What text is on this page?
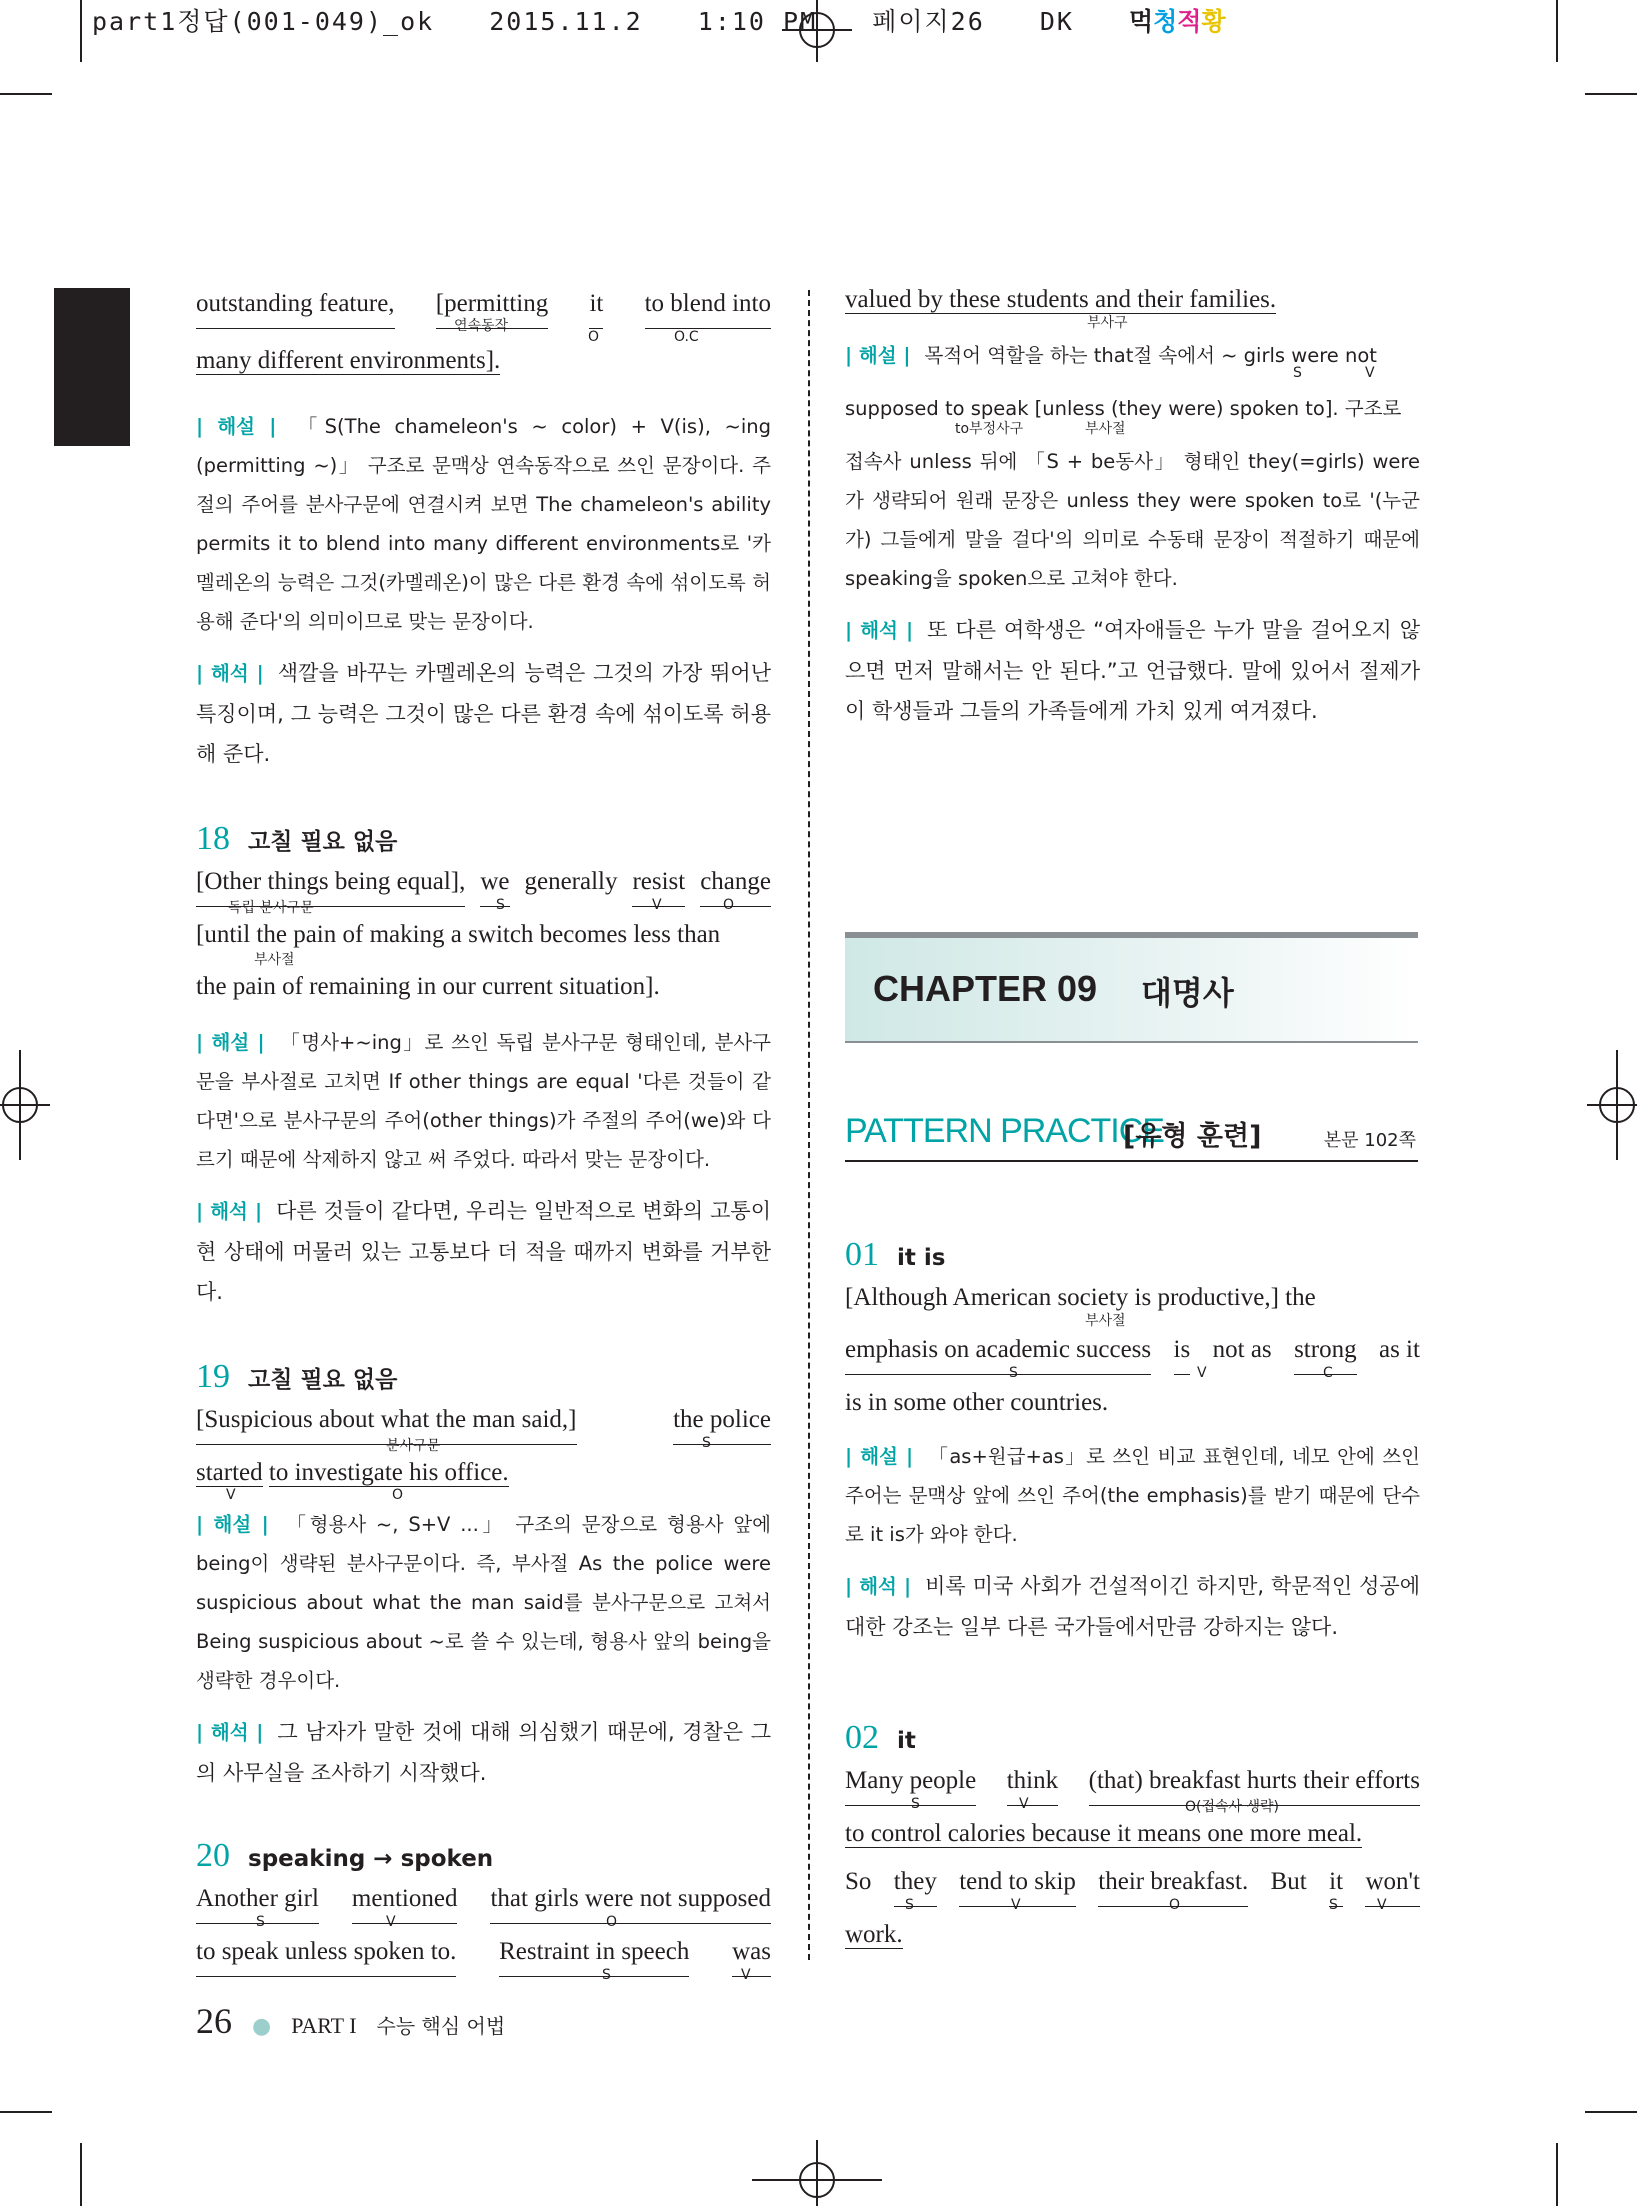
part1정답(001-049)_ok 2015.11.2 1:10 PM 페이지26 DK 먹청적황
outstanding feature, [permitting it to blend into
연속동작
O	O.C
many different environments].

| 해설 | 「S(The chameleon's ~ color) + V(is), ~ing (permitting ~)」 구조로 문맥상 연속동작으로 쓰인 문장이다. 주절의 주어를 분사구문에 연결시켜 보면 The chameleon's ability permits it to blend into many different environments로 '카멜레온의 능력은 그것(카멜레온)이 많은 다른 환경 속에 섞이도록 허용해 준다'의 의미이므로 맞는 문장이다.

| 해석 | 색깔을 바꾸는 카멜레온의 능력은 그것의 가장 뛰어난 특징이며, 그 능력은 그것이 많은 다른 환경 속에 섞이도록 허용해 준다.

18 고칠 필요 없음
[Other things being equal], we generally resist change
독립 분사구문	S	V	O
[until the pain of making a switch becomes less than
부사절
the pain of remaining in our current situation].

| 해설 | 「명사+~ing」로 쓰인 독립 분사구문 형태인데, 분사구문을 부사절로 고치면 If other things are equal '다른 것들이 같다면'으로 분사구문의 주어(other things)가 주절의 주어(we)와 다르기 때문에 삭제하지 않고 써 주었다. 따라서 맞는 문장이다.

| 해석 | 다른 것들이 같다면, 우리는 일반적으로 변화의 고통이 현 상태에 머물러 있는 고통보다 더 적을 때까지 변화를 거부한다.

19 고칠 필요 없음
[Suspicious about what the man said,]	the police
분사구문	S
started to investigate his office.
V	O

| 해설 | 「형용사 ~, S+V ...」 구조의 문장으로 형용사 앞에 being이 생략된 분사구문이다. 즉, 부사절 As the police were suspicious about what the man said를 분사구문으로 고쳐서 Being suspicious about ~로 쓸 수 있는데, 형용사 앞의 being을 생략한 경우이다.

| 해석 | 그 남자가 말한 것에 대해 의심했기 때문에, 경찰은 그의 사무실을 조사하기 시작했다.

20 speaking → spoken
Another girl mentioned that girls were not supposed
S	V	O
to speak unless spoken to. Restraint in speech was
S	V
valued by these students and their families.
부사구

| 해설 | 목적어 역할을 하는 that절 속에서 ~ girls were not

S	V

supposed to speak [unless (they were) spoken to]. 구조로

to부정사구	부사절

접속사 unless 뒤에 「S + be동사」 형태인 they(=girls) were가 생략되어 원래 문장은 unless they were spoken to로 '(누군가) 그들에게 말을 걸다'의 의미로 수동태 문장이 적절하기 때문에 speaking을 spoken으로 고쳐야 한다.

| 해석 | 또 다른 여학생은 “여자애들은 누가 말을 걸어오지 않으면 먼저 말해서는 안 된다.”고 언급했다. 말에 있어서 절제가 이 학생들과 그들의 가족들에게 가치 있게 여겨졌다.

CHAPTER 09 대명사
PATTERN PRACTICE
[유형 훈련]	본문 102쪽
01 it is
[Although American society is productive,] the
부사절
emphasis on academic success is not as strong as it
S	V	C
is in some other countries.

| 해설 | 「as+원급+as」로 쓰인 비교 표현인데, 네모 안에 쓰인 주어는 문맥상 앞에 쓰인 주어(the emphasis)를 받기 때문에 단수로 it is가 와야 한다.

| 해석 | 비록 미국 사회가 건설적이긴 하지만, 학문적인 성공에 대한 강조는 일부 다른 국가들에서만큼 강하지는 않다.

02 it
Many people think (that) breakfast hurts their efforts
S	V	O(접속사 생략)
to control calories because it means one more meal.
So they tend to skip their breakfast. But it won't
S	V	O	S	V
work.
26 ● PART I 수능 핵심 어법
